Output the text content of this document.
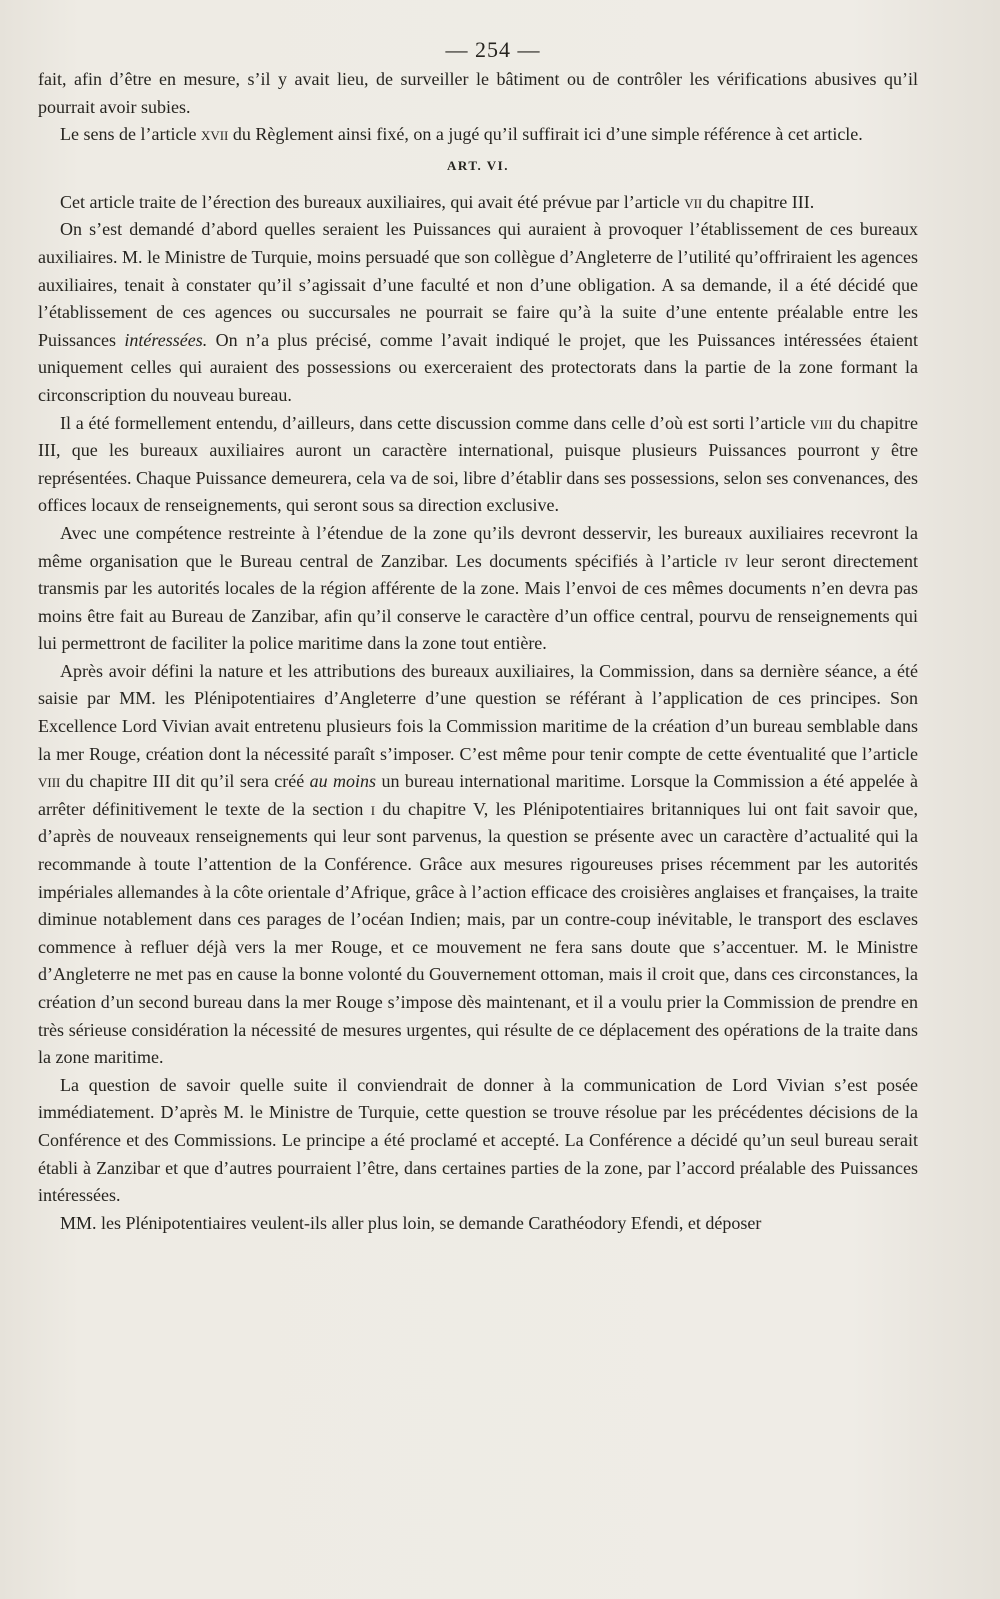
— 254 —

fait, afin d’être en mesure, s’il y avait lieu, de surveiller le bâtiment ou de contrôler les vérifications abusives qu’il pourrait avoir subies.

Le sens de l’article xvii du Règlement ainsi fixé, on a jugé qu’il suffirait ici d’une simple référence à cet article.

ART. VI.

Cet article traite de l’érection des bureaux auxiliaires, qui avait été prévue par l’article vii du chapitre III.

On s’est demandé d’abord quelles seraient les Puissances qui auraient à provoquer l’établissement de ces bureaux auxiliaires. M. le Ministre de Turquie, moins persuadé que son collègue d’Angleterre de l’utilité qu’offriraient les agences auxiliaires, tenait à constater qu’il s’agissait d’une faculté et non d’une obligation. A sa demande, il a été décidé que l’établissement de ces agences ou succursales ne pourrait se faire qu’à la suite d’une entente préalable entre les Puissances intéressées. On n’a plus précisé, comme l’avait indiqué le projet, que les Puissances intéressées étaient uniquement celles qui auraient des possessions ou exerceraient des protectorats dans la partie de la zone formant la circonscription du nouveau bureau.

Il a été formellement entendu, d’ailleurs, dans cette discussion comme dans celle d’où est sorti l’article viii du chapitre III, que les bureaux auxiliaires auront un caractère international, puisque plusieurs Puissances pourront y être représentées. Chaque Puissance demeurera, cela va de soi, libre d’établir dans ses possessions, selon ses convenances, des offices locaux de renseignements, qui seront sous sa direction exclusive.

Avec une compétence restreinte à l’étendue de la zone qu’ils devront desservir, les bureaux auxiliaires recevront la même organisation que le Bureau central de Zanzibar. Les documents spécifiés à l’article iv leur seront directement transmis par les autorités locales de la région afférente de la zone. Mais l’envoi de ces mêmes documents n’en devra pas moins être fait au Bureau de Zanzibar, afin qu’il conserve le caractère d’un office central, pourvu de renseignements qui lui permettront de faciliter la police maritime dans la zone tout entière.

Après avoir défini la nature et les attributions des bureaux auxiliaires, la Commission, dans sa dernière séance, a été saisie par MM. les Plénipotentiaires d’Angleterre d’une question se référant à l’application de ces principes. Son Excellence Lord Vivian avait entretenu plusieurs fois la Commission maritime de la création d’un bureau semblable dans la mer Rouge, création dont la nécessité paraît s’imposer. C’est même pour tenir compte de cette éventualité que l’article viii du chapitre III dit qu’il sera créé au moins un bureau international maritime. Lorsque la Commission a été appelée à arrêter définitivement le texte de la section i du chapitre V, les Plénipotentiaires britanniques lui ont fait savoir que, d’après de nouveaux renseignements qui leur sont parvenus, la question se présente avec un caractère d’actualité qui la recommande à toute l’attention de la Conférence. Grâce aux mesures rigoureuses prises récemment par les autorités impériales allemandes à la côte orientale d’Afrique, grâce à l’action efficace des croisières anglaises et françaises, la traite diminue notablement dans ces parages de l’océan Indien; mais, par un contre-coup inévitable, le transport des esclaves commence à refluer déjà vers la mer Rouge, et ce mouvement ne fera sans doute que s’accentuer. M. le Ministre d’Angleterre ne met pas en cause la bonne volonté du Gouvernement ottoman, mais il croit que, dans ces circonstances, la création d’un second bureau dans la mer Rouge s’impose dès maintenant, et il a voulu prier la Commission de prendre en très sérieuse considération la nécessité de mesures urgentes, qui résulte de ce déplacement des opérations de la traite dans la zone maritime.

La question de savoir quelle suite il conviendrait de donner à la communication de Lord Vivian s’est posée immédiatement. D’après M. le Ministre de Turquie, cette question se trouve résolue par les précédentes décisions de la Conférence et des Commissions. Le principe a été proclamé et accepté. La Conférence a décidé qu’un seul bureau serait établi à Zanzibar et que d’autres pourraient l’être, dans certaines parties de la zone, par l’accord préalable des Puissances intéressées.

MM. les Plénipotentiaires veulent-ils aller plus loin, se demande Carathéodory Efendi, et déposer
